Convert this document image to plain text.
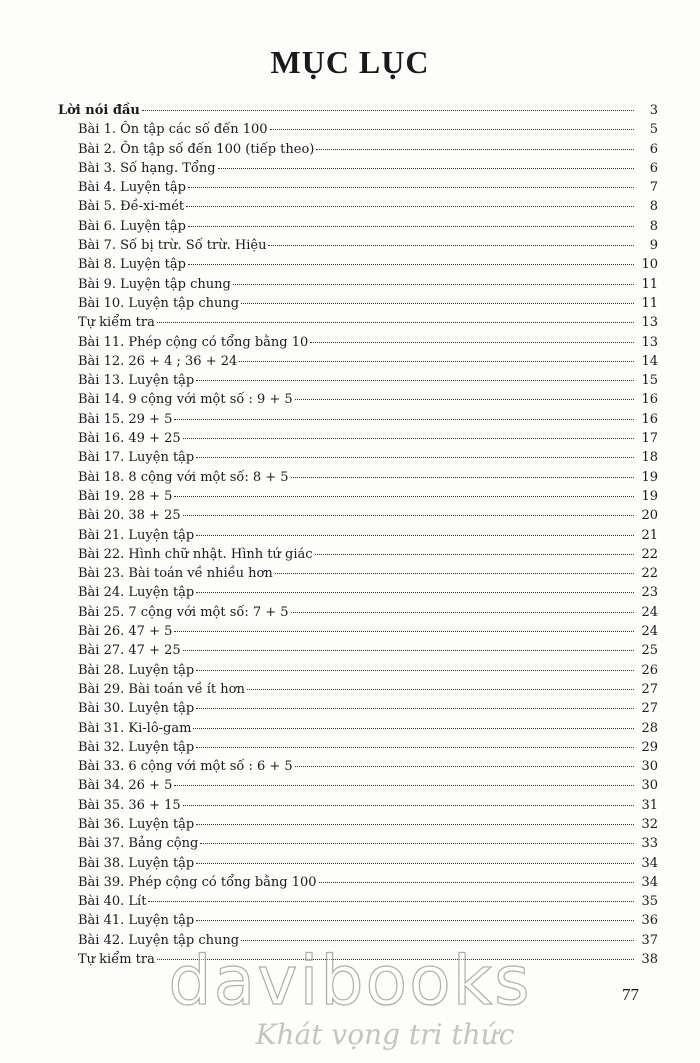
MỤC LỤC
Lời nói đầu	3
Bài 1. Ôn tập các số đến 100	5
Bài 2. Ôn tập số đến 100 (tiếp theo)	6
Bài 3. Số hạng. Tổng	6
Bài 4. Luyện tập	7
Bài 5. Đề-xi-mét	8
Bài 6. Luyện tập	8
Bài 7. Số bị trừ. Số trừ. Hiệu	9
Bài 8. Luyện tập	10
Bài 9. Luyện tập chung	11
Bài 10. Luyện tập chung	11
Tự kiểm tra	13
Bài 11. Phép cộng có tổng bằng 10	13
Bài 12. 26 + 4 ; 36 + 24	14
Bài 13. Luyện tập	15
Bài 14. 9 cộng với một số : 9 + 5	16
Bài 15. 29 + 5	16
Bài 16. 49 + 25	17
Bài 17. Luyện tập	18
Bài 18. 8 cộng với một số: 8 + 5	19
Bài 19. 28 + 5	19
Bài 20. 38 + 25	20
Bài 21. Luyện tập	21
Bài 22. Hình chữ nhật. Hình tứ giác	22
Bài 23. Bài toán về nhiều hơn	22
Bài 24. Luyện tập	23
Bài 25. 7 cộng với một số: 7 + 5	24
Bài 26. 47 + 5	24
Bài 27. 47 + 25	25
Bài 28. Luyện tập	26
Bài 29. Bài toán về ít hơn	27
Bài 30. Luyện tập	27
Bài 31. Ki-lô-gam	28
Bài 32. Luyện tập	29
Bài 33. 6 cộng với một số : 6 + 5	30
Bài 34. 26 + 5	30
Bài 35. 36 + 15	31
Bài 36. Luyện tập	32
Bài 37. Bảng cộng	33
Bài 38. Luyện tập	34
Bài 39. Phép cộng có tổng bằng 100	34
Bài 40. Lít	35
Bài 41. Luyện tập	36
Bài 42. Luyện tập chung	37
Tự kiểm tra	38
77
davibooks
Khát vọng tri thức
